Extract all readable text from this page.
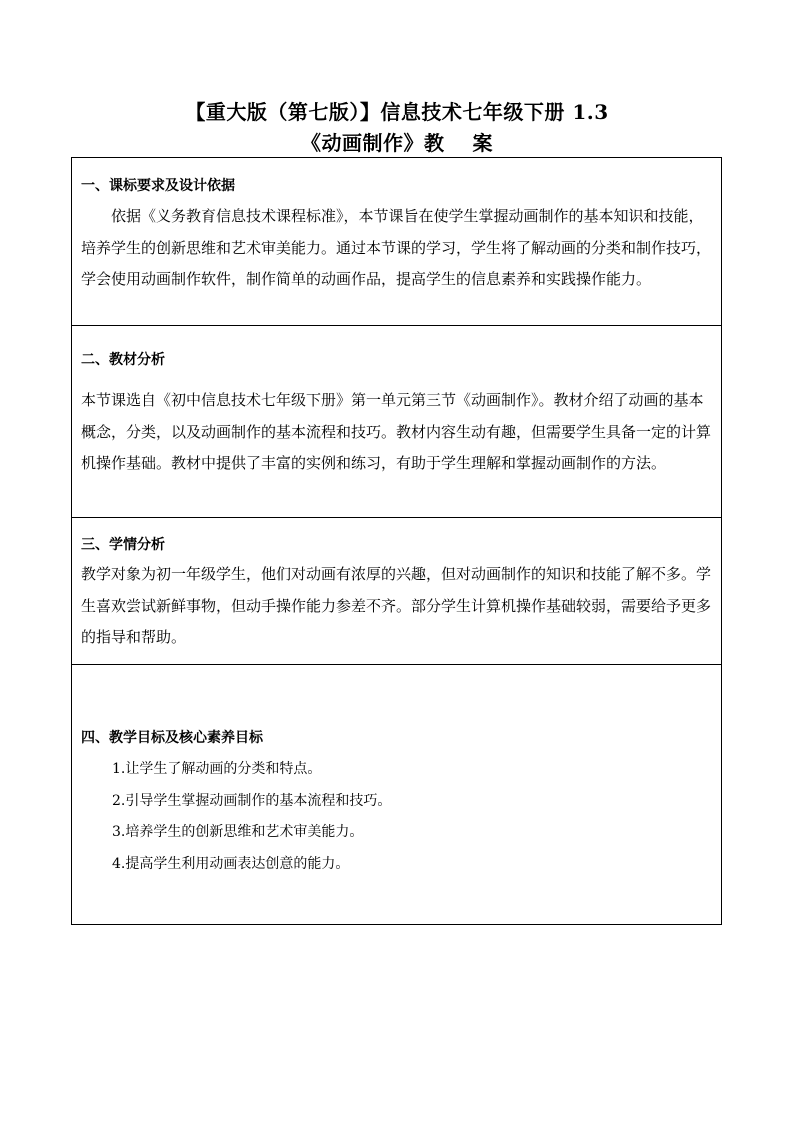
【重大版（第七版）】信息技术七年级下册 1.3
《动画制作》教　 案
一、课标要求及设计依据
依据《义务教育信息技术课程标准》，本节课旨在使学生掌握动画制作的基本知识和技能，培养学生的创新思维和艺术审美能力。通过本节课的学习，学生将了解动画的分类和制作技巧，学会使用动画制作软件，制作简单的动画作品，提高学生的信息素养和实践操作能力。
二、教材分析
本节课选自《初中信息技术七年级下册》第一单元第三节《动画制作》。教材介绍了动画的基本概念，分类，以及动画制作的基本流程和技巧。教材内容生动有趣，但需要学生具备一定的计算机操作基础。教材中提供了丰富的实例和练习，有助于学生理解和掌握动画制作的方法。
三、学情分析
教学对象为初一年级学生，他们对动画有浓厚的兴趣，但对动画制作的知识和技能了解不多。学生喜欢尝试新鲜事物，但动手操作能力参差不齐。部分学生计算机操作基础较弱，需要给予更多的指导和帮助。
四、教学目标及核心素养目标
1.让学生了解动画的分类和特点。
2.引导学生掌握动画制作的基本流程和技巧。
3.培养学生的创新思维和艺术审美能力。
4.提高学生利用动画表达创意的能力。
